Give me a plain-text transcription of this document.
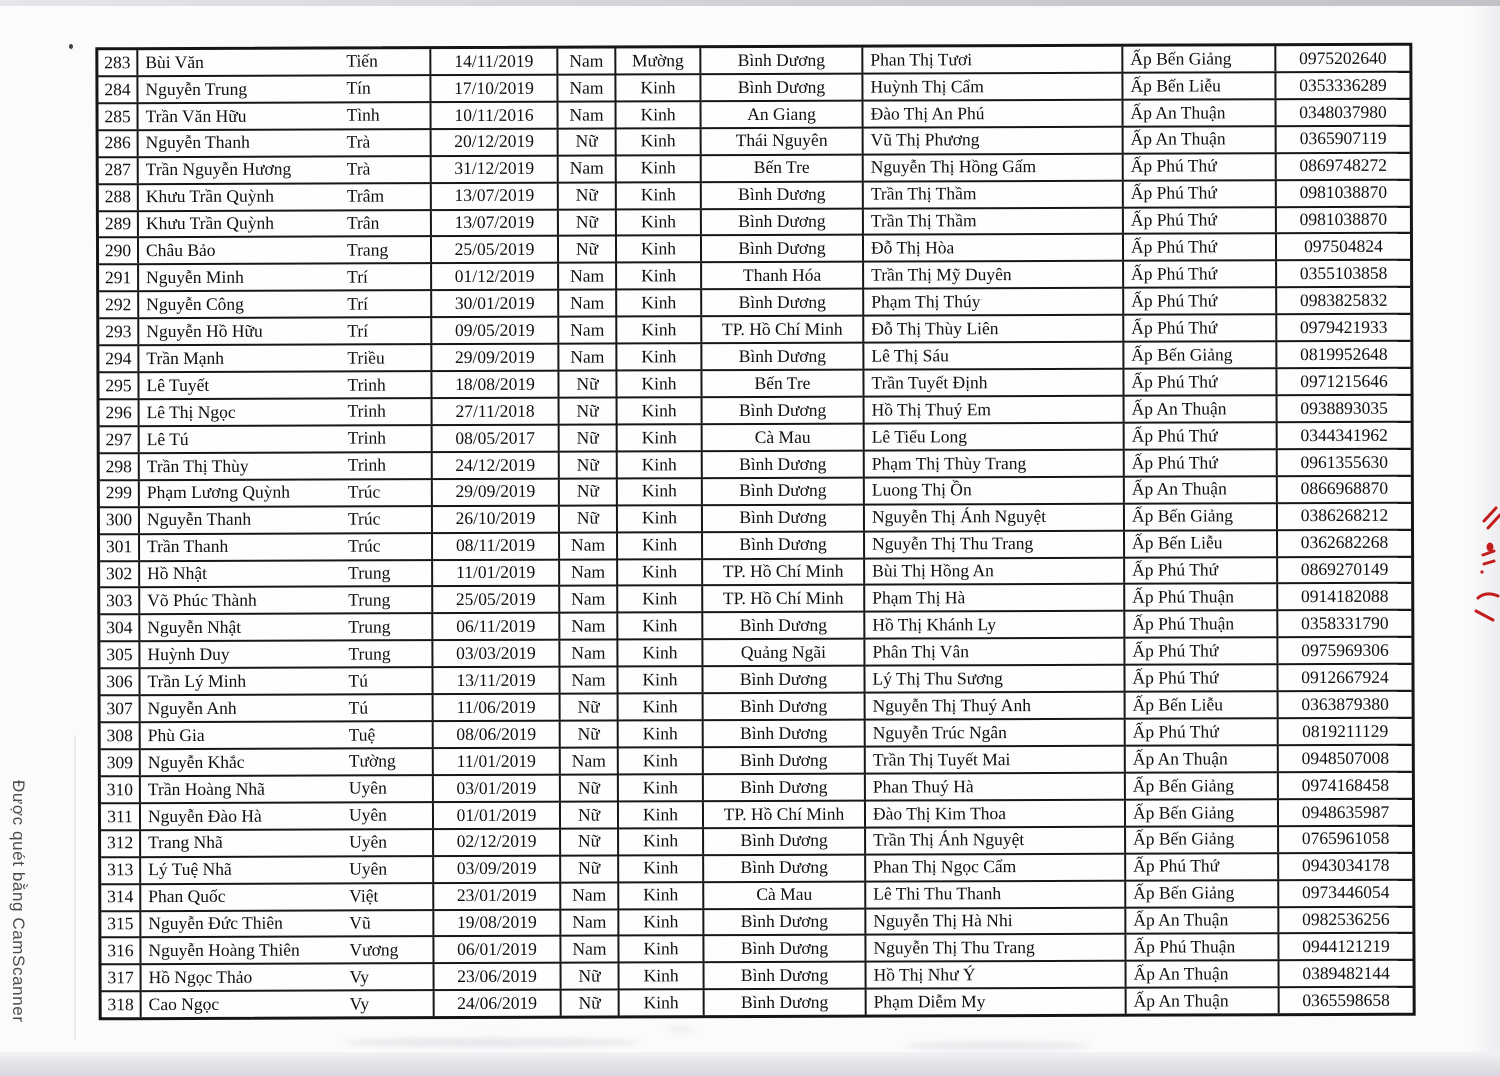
283 Bùi Văn	Tiến	14/11/2019	Nam	Mường	Bình Dương	Phan Thị Tươi	Ấp Bến Giảng	0975202640
284 Nguyễn Trung	Tín	17/10/2019	Nam	Kinh	Bình Dương	Huỳnh Thị Cẩm	Ấp Bến Liễu	0353336289
285 Trần Văn Hữu	Tình	10/11/2016	Nam	Kinh	An Giang	Đào Thị An Phú	Ấp An Thuận	0348037980
286 Nguyễn Thanh	Trà	20/12/2019	Nữ	Kinh	Thái Nguyên	Vũ Thị Phương	Ấp An Thuận	0365907119
287 Trần Nguyễn Hương	Trà	31/12/2019	Nam	Kinh	Bến Tre	Nguyễn Thị Hồng Gấm	Ấp Phú Thứ	0869748272
288 Khưu Trần Quỳnh	Trâm	13/07/2019	Nữ	Kinh	Bình Dương	Trần Thị Thầm	Ấp Phú Thứ	0981038870
289 Khưu Trần Quỳnh	Trân	13/07/2019	Nữ	Kinh	Bình Dương	Trần Thị Thầm	Ấp Phú Thứ	0981038870
290 Châu Bảo	Trang	25/05/2019	Nữ	Kinh	Bình Dương	Đỗ Thị Hòa	Ấp Phú Thứ	097504824
291 Nguyễn Minh	Trí	01/12/2019	Nam	Kinh	Thanh Hóa	Trần Thị Mỹ Duyên	Ấp Phú Thứ	0355103858
292 Nguyễn Công	Trí	30/01/2019	Nam	Kinh	Bình Dương	Phạm Thị Thúy	Ấp Phú Thứ	0983825832
293 Nguyễn Hồ Hữu	Trí	09/05/2019	Nam	Kinh	TP. Hồ Chí Minh	Đỗ Thị Thùy Liên	Ấp Phú Thứ	0979421933
294 Trần Mạnh	Triều	29/09/2019	Nam	Kinh	Bình Dương	Lê Thị Sáu	Ấp Bến Giảng	0819952648
295 Lê Tuyết	Trinh	18/08/2019	Nữ	Kinh	Bến Tre	Trần Tuyết Định	Ấp Phú Thứ	0971215646
296 Lê Thị Ngọc	Trinh	27/11/2018	Nữ	Kinh	Bình Dương	Hồ Thị Thuý Em	Ấp An Thuận	0938893035
297 Lê Tú	Trinh	08/05/2017	Nữ	Kinh	Cà Mau	Lê Tiểu Long	Ấp Phú Thứ	0344341962
298 Trần Thị Thùy	Trinh	24/12/2019	Nữ	Kinh	Bình Dương	Phạm Thị Thùy Trang	Ấp Phú Thứ	0961355630
299 Phạm Lương Quỳnh	Trúc	29/09/2019	Nữ	Kinh	Bình Dương	Luong Thị Ồn	Ấp An Thuận	0866968870
300 Nguyễn Thanh	Trúc	26/10/2019	Nữ	Kinh	Bình Dương	Nguyễn Thị Ánh Nguyệt	Ấp Bến Giảng	0386268212
301 Trần Thanh	Trúc	08/11/2019	Nam	Kinh	Bình Dương	Nguyễn Thị Thu Trang	Ấp Bến Liễu	0362682268
302 Hồ Nhật	Trung	11/01/2019	Nam	Kinh	TP. Hồ Chí Minh	Bùi Thị Hồng An	Ấp Phú Thứ	0869270149
303 Võ Phúc Thành	Trung	25/05/2019	Nam	Kinh	TP. Hồ Chí Minh	Phạm Thị Hà	Ấp Phú Thuận	0914182088
304 Nguyễn Nhật	Trung	06/11/2019	Nam	Kinh	Bình Dương	Hồ Thị Khánh Ly	Ấp Phú Thuận	0358331790
305 Huỳnh Duy	Trung	03/03/2019	Nam	Kinh	Quảng Ngãi	Phân Thị Vân	Ấp Phú Thứ	0975969306
306 Trần Lý Minh	Tú	13/11/2019	Nam	Kinh	Bình Dương	Lý Thị Thu Sương	Ấp Phú Thứ	0912667924
307 Nguyễn Anh	Tú	11/06/2019	Nữ	Kinh	Bình Dương	Nguyễn Thị Thuý Anh	Ấp Bến Liễu	0363879380
308 Phù Gia	Tuệ	08/06/2019	Nữ	Kinh	Bình Dương	Nguyễn Trúc Ngân	Ấp Phú Thứ	0819211129
309 Nguyễn Khắc	Tường	11/01/2019	Nam	Kinh	Bình Dương	Trần Thị Tuyết Mai	Ấp An Thuận	0948507008
310 Trần Hoàng Nhã	Uyên	03/01/2019	Nữ	Kinh	Bình Dương	Phan Thuý Hà	Ấp Bến Giảng	0974168458
311 Nguyễn Đào Hà	Uyên	01/01/2019	Nữ	Kinh	TP. Hồ Chí Minh	Đào Thị Kim Thoa	Ấp Bến Giảng	0948635987
312 Trang Nhã	Uyên	02/12/2019	Nữ	Kinh	Bình Dương	Trần Thị Ánh Nguyệt	Ấp Bến Giảng	0765961058
313 Lý Tuệ Nhã	Uyên	03/09/2019	Nữ	Kinh	Bình Dương	Phan Thị Ngọc Cẩm	Ấp Phú Thứ	0943034178
314 Phan Quốc	Việt	23/01/2019	Nam	Kinh	Cà Mau	Lê Thi Thu Thanh	Ấp Bến Giảng	0973446054
315 Nguyễn Đức Thiên	Vũ	19/08/2019	Nam	Kinh	Bình Dương	Nguyễn Thị Hà Nhi	Ấp An Thuận	0982536256
316 Nguyễn Hoàng Thiên	Vương	06/01/2019	Nam	Kinh	Bình Dương	Nguyễn Thị Thu Trang	Ấp Phú Thuận	0944121219
317 Hồ Ngọc Thảo	Vy	23/06/2019	Nữ	Kinh	Bình Dương	Hồ Thị Như Ý	Ấp An Thuận	0389482144
318 Cao Ngọc	Vy	24/06/2019	Nữ	Kinh	Bình Dương	Phạm Diễm My	Ấp An Thuận	0365598658
Được quét bằng CamScanner
